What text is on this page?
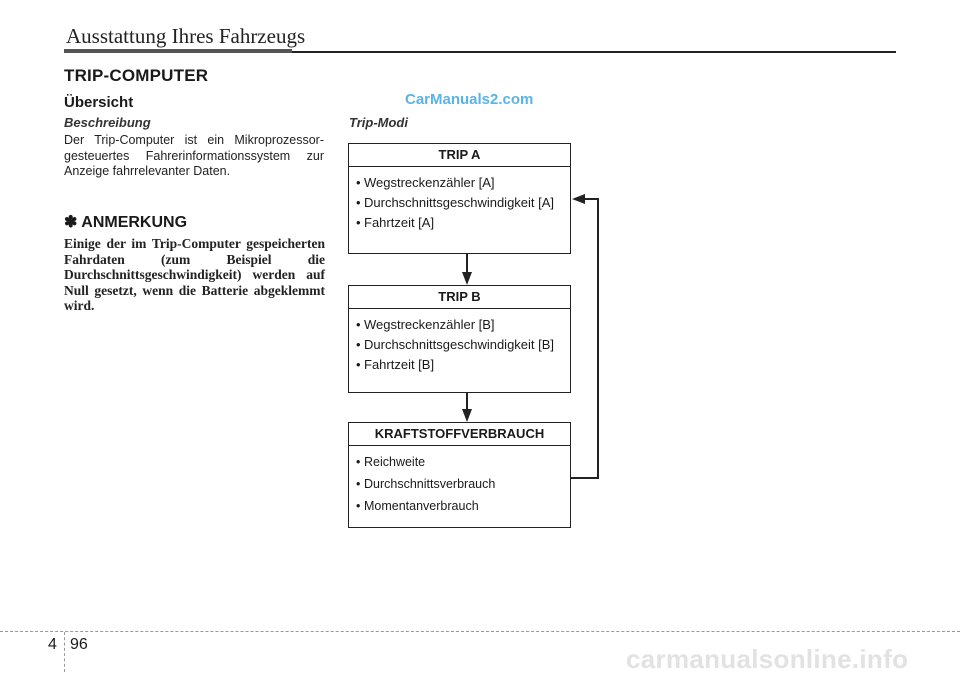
Ausstattung Ihres Fahrzeugs
TRIP-COMPUTER
Übersicht
Beschreibung
Der Trip-Computer ist ein Mikroprozessor-gesteuertes Fahrerinformationssystem zur Anzeige fahrrelevanter Daten.
✽ ANMERKUNG
Einige der im Trip-Computer gespeicherten Fahrdaten (zum Beispiel die Durchschnittsgeschwindigkeit) werden auf Null gesetzt, wenn die Batterie abgeklemmt wird.
CarManuals2.com
Trip-Modi
TRIP A
• Wegstreckenzähler [A]
• Durchschnittsgeschwindigkeit [A]
• Fahrtzeit [A]
TRIP B
• Wegstreckenzähler [B]
• Durchschnittsgeschwindigkeit [B]
• Fahrtzeit [B]
KRAFTSTOFFVERBRAUCH
• Reichweite
• Durchschnittsverbrauch
• Momentanverbrauch
4 96	carmanualsonline.info
